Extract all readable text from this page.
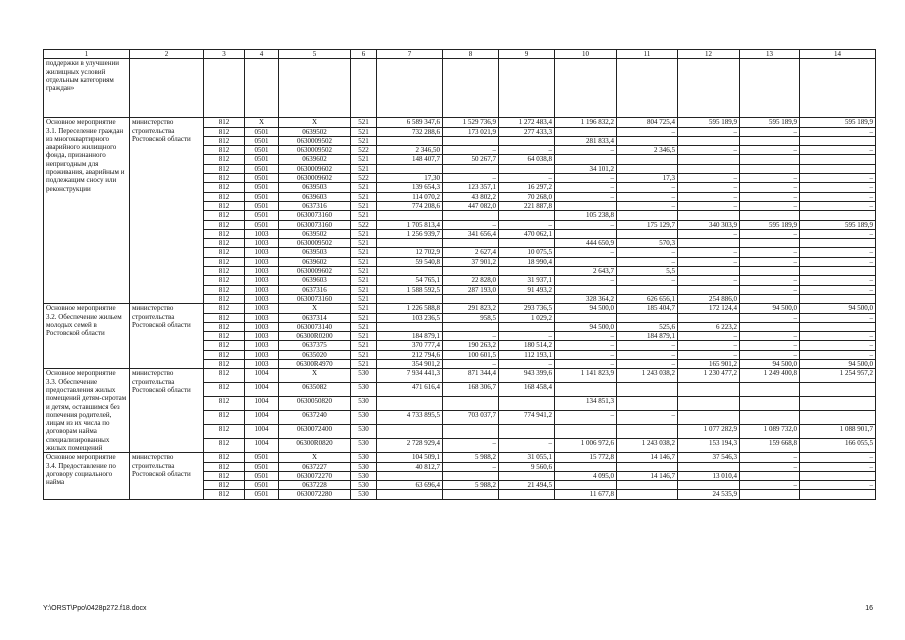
1	2	3	4	5	6	7	8	9	10	11	12	13	14
поддержки в улучшении жилищных условий отдельным категориям граждан»													
Основное мероприятие 3.1. Переселение граждан из многоквартирного аварийного жилищного фонда, признанного непригодным для проживания, аварийным и подлежащим сносу или реконструкции	министерство строительства Ростовской области	812	X	X	521	6 589 347,6	1 529 736,9	1 272 483,4	1 196 832,2	804 725,4	595 189,9	595 189,9	595 189,9
		812	0501	0639502	521	732 288,6	173 021,9	277 433,3		–	–	–	–
		812	0501	0630009502	521				281 833,4				
		812	0501	0630009502	522	2 346,50	–	–	–	2 346,5	–	–	–
		812	0501	0639602	521	148 407,7	50 267,7	64 038,8					
		812	0501	0630009602	521				34 101,2				
		812	0501	0630009602	522	17,30	–	–	–	17,3	–	–	–
		812	0501	0639503	521	139 654,3	123 357,1	16 297,2	–	–	–	–	–
		812	0501	0639603	521	114 070,2	43 802,2	70 268,0	–	–	–	–	–
		812	0501	0637316	521	774 208,6	447 082,0	221 887,8		–	–	–	–
		812	0501	0630073160	521				105 238,8				
		812	0501	0630073160	522	1 705 813,4	–	–	–	175 129,7	340 303,9	595 189,9	595 189,9
		812	1003	0639502	521	1 256 939,7	341 656,4	470 062,1			–	–	–
		812	1003	0630009502	521				444 650,9	570,3			
		812	1003	0639503	521	12 702,9	2 627,4	10 075,5	–	–	–	–	–
		812	1003	0639602	521	59 540,8	37 901,2	18 990,4		–	–	–	–
		812	1003	0630009602	521				2 643,7	5,5			
		812	1003	0639603	521	54 765,1	22 828,0	31 937,1	–	–	–	–	–
		812	1003	0637316	521	1 588 592,5	287 193,0	91 493,2				–	–
		812	1003	0630073160	521				328 364,2	626 656,1	254 886,0		
Основное мероприятие 3.2. Обеспечение жильем молодых семей в Ростовской области	министерство строительства Ростовской области	812	1003	X	521	1 226 588,8	291 823,2	293 736,5	94 500,0	185 404,7	172 124,4	94 500,0	94 500,0
		812	1003	0637314	521	103 236,5	958,5	1 029,2				–	–
		812	1003	0630073140	521				94 500,0	525,6	6 223,2		
		812	1003	06300R0200	521	184 879,1	–	–	–	184 879,1	–	–	–
		812	1003	0637375	521	370 777,4	190 263,2	180 514,2	–	–	–	–	–
		812	1003	0635020	521	212 794,6	100 601,5	112 193,1	–	–	–	–	–
		812	1003	06300R4970	521	354 901,2	–	–	–	–	165 901,2	94 500,0	94 500,0
Основное мероприятие 3.3. Обеспечение предоставления жилых помещений детям-сиротам и детям, оставшимся без попечения родителей, лицам из их числа по договорам найма специализированных жилых помещений	министерство строительства Ростовской области	812	1004	X	530	7 934 441,3	871 344,4	943 399,6	1 141 823,9	1 243 038,2	1 230 477,2	1 249 400,8	1 254 957,2
		812	1004	0635082	530	471 616,4	168 306,7	168 458,4					
		812	1004	0630050820	530				134 851,3				
		812	1004	0637240	530	4 733 895,5	703 037,7	774 941,2	–	–			
		812	1004	0630072400	530						1 077 282,9	1 089 732,0	1 088 901,7
		812	1004	06300R0820	530	2 728 929,4	–	–	1 006 972,6	1 243 038,2	153 194,3	159 668,8	166 055,5
Основное мероприятие 3.4. Предоставление по договору социального найма	министерство строительства Ростовской области	812	0501	X	530	104 509,1	5 988,2	31 055,1	15 772,8	14 146,7	37 546,3	–	–
		812	0501	0637227	530	40 812,7	–	9 560,6				–	–
		812	0501	0630072270	530				4 095,0	14 146,7	13 010,4		
		812	0501	0637228	530	63 696,4	5 988,2	21 494,5				–	–
		812	0501	0630072280	530				11 677,8		24 535,9		
Y:\ORST\Ppo\0428p272.f18.docx	16
